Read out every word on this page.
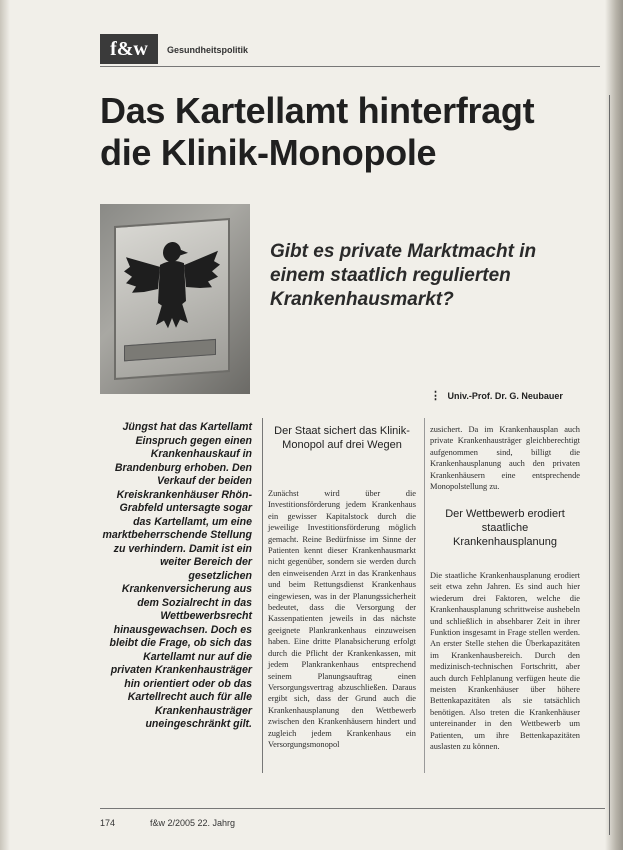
f&w	Gesundheitspolitik
Das Kartellamt hinterfragt
die Klinik-Monopole
Gibt es private Marktmacht in einem staatlich regulierten Krankenhausmarkt?
⋮ Univ.-Prof. Dr. G. Neubauer

Jüngst hat das Kartellamt Einspruch gegen einen Krankenhauskauf in Brandenburg erhoben. Den Verkauf der beiden Kreiskrankenhäuser Rhön-Grabfeld untersagte sogar das Kartellamt, um eine marktbeherrschende Stellung zu verhindern. Damit ist ein weiter Bereich der gesetzlichen Krankenversicherung aus dem Sozialrecht in das Wettbewerbsrecht hinausgewachsen. Doch es bleibt die Frage, ob sich das Kartellamt nur auf die privaten Krankenhausträger hin orientiert oder ob das Kartellrecht auch für alle Krankenhausträger uneingeschränkt gilt.

Der Staat sichert das Klinik-Monopol auf drei Wegen

Zunächst wird über die Investitionsförderung jedem Krankenhaus ein gewisser Kapitalstock durch die jeweilige Investitionsförderung möglich gemacht. Reine Bedürfnisse im Sinne der Patienten kennt dieser Krankenhausmarkt nicht gegenüber, sondern sie werden durch den einweisenden Arzt in das Krankenhaus und beim Rettungsdienst Krankenhaus eingewiesen, was in der Planungssicherheit bedeutet, dass die Versorgung der Kassenpatienten jeweils in das nächste geeignete Plankrankenhaus einzuweisen haben. Eine dritte Planabsicherung erfolgt durch die Pflicht der Krankenkassen, mit jedem Plankrankenhaus entsprechend seinem Planungsauftrag einen Versorgungsvertrag abzuschließen. Daraus ergibt sich, dass der Grund auch die Krankenhausplanung den Wettbewerb zwischen den Krankenhäusern hindert und zugleich jedem Krankenhaus ein Versorgungsmonopol

zusichert. Da im Krankenhausplan auch private Krankenhausträger gleichberechtigt aufgenommen sind, billigt die Krankenhausplanung auch den privaten Krankenhäusern eine entsprechende Monopolstellung zu.

Der Wettbewerb erodiert staatliche Krankenhausplanung

Die staatliche Krankenhausplanung erodiert seit etwa zehn Jahren. Es sind auch hier wiederum drei Faktoren, welche die Krankenhausplanung schrittweise aushebeln und schließlich in absehbarer Zeit in ihrer Funktion insgesamt in Frage stellen werden. An erster Stelle stehen die Überkapazitäten im Krankenhausbereich. Durch den medizinisch-technischen Fortschritt, aber auch durch Fehlplanung verfügen heute die meisten Krankenhäuser über höhere Bettenkapazitäten als sie tatsächlich benötigen. Also treten die Krankenhäuser untereinander in den Wettbewerb um Patienten, um ihre Bettenkapazitäten auslasten zu können.

174	f&w 2/2005 22. Jahrg
